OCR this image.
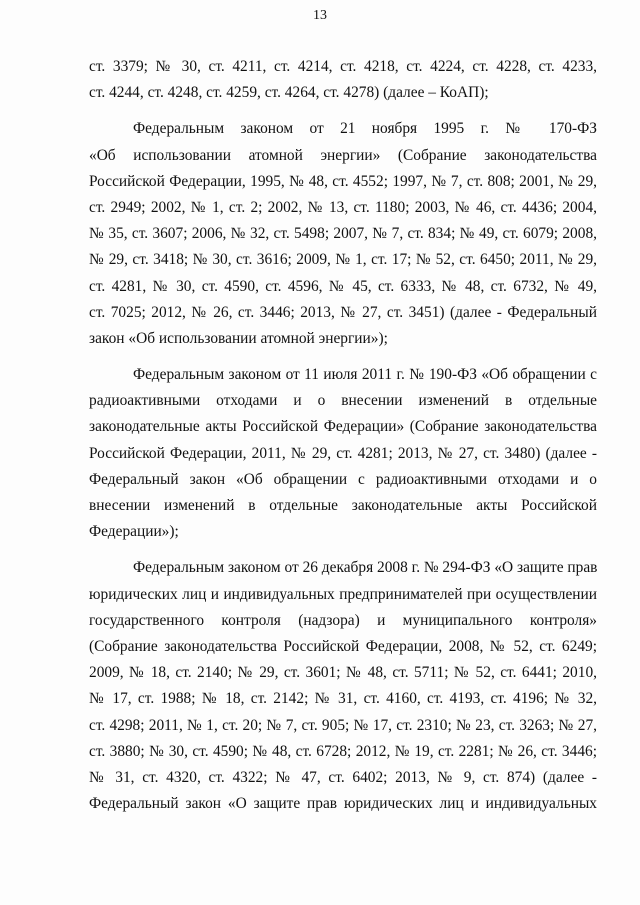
13
ст. 3379; № 30, ст. 4211, ст. 4214, ст. 4218, ст. 4224, ст. 4228, ст. 4233,
ст. 4244, ст. 4248, ст. 4259, ст. 4264, ст. 4278) (далее – КоАП);
Федеральным законом от 21 ноября 1995 г. № 170-ФЗ
«Об использовании атомной энергии» (Собрание законодательства
Российской Федерации, 1995, № 48, ст. 4552; 1997, № 7, ст. 808; 2001, № 29,
ст. 2949; 2002, № 1, ст. 2; 2002, № 13, ст. 1180; 2003, № 46, ст. 4436; 2004,
№ 35, ст. 3607; 2006, № 32, ст. 5498; 2007, № 7, ст. 834; № 49, ст. 6079; 2008,
№ 29, ст. 3418; № 30, ст. 3616; 2009, № 1, ст. 17; № 52, ст. 6450; 2011, № 29,
ст. 4281, № 30, ст. 4590, ст. 4596, № 45, ст. 6333, № 48, ст. 6732, № 49,
ст. 7025; 2012, № 26, ст. 3446; 2013, № 27, ст. 3451) (далее - Федеральный
закон «Об использовании атомной энергии»);
Федеральным законом от 11 июля 2011 г. № 190-ФЗ «Об обращении с
радиоактивными отходами и о внесении изменений в отдельные
законодательные акты Российской Федерации» (Собрание законодательства
Российской Федерации, 2011, № 29, ст. 4281; 2013, № 27, ст. 3480) (далее -
Федеральный закон «Об обращении с радиоактивными отходами и о
внесении изменений в отдельные законодательные акты Российской
Федерации»);
Федеральным законом от 26 декабря 2008 г. № 294-ФЗ «О защите прав
юридических лиц и индивидуальных предпринимателей при осуществлении
государственного контроля (надзора) и муниципального контроля»
(Собрание законодательства Российской Федерации, 2008, № 52, ст. 6249;
2009, № 18, ст. 2140; № 29, ст. 3601; № 48, ст. 5711; № 52, ст. 6441; 2010,
№ 17, ст. 1988; № 18, ст. 2142; № 31, ст. 4160, ст. 4193, ст. 4196; № 32,
ст. 4298; 2011, № 1, ст. 20; № 7, ст. 905; № 17, ст. 2310; № 23, ст. 3263; № 27,
ст. 3880; № 30, ст. 4590; № 48, ст. 6728; 2012, № 19, ст. 2281; № 26, ст. 3446;
№ 31, ст. 4320, ст. 4322; № 47, ст. 6402; 2013, № 9, ст. 874) (далее -
Федеральный закон «О защите прав юридических лиц и индивидуальных
